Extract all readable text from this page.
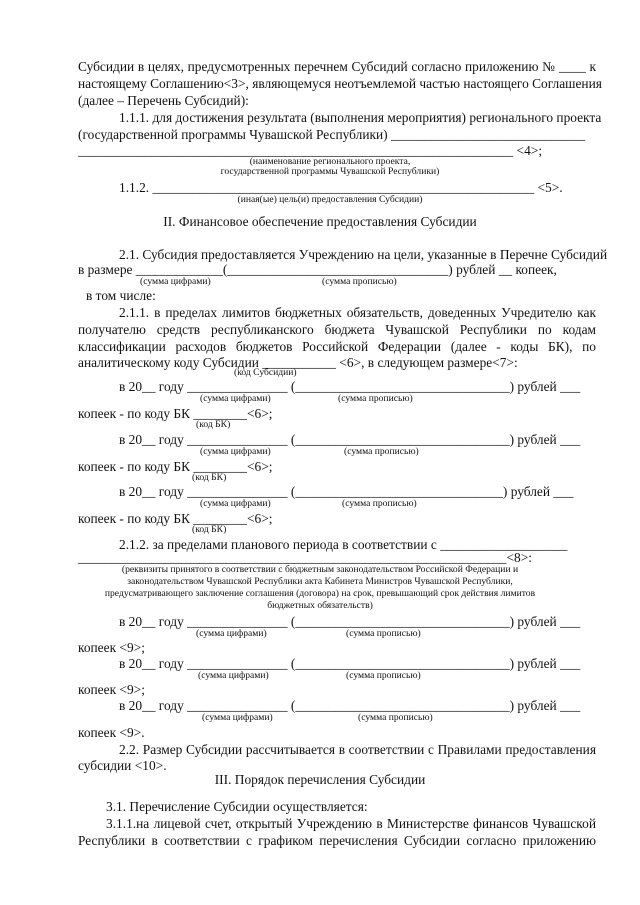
Субсидии в целях, предусмотренных перечнем Субсидий согласно приложению № ____ к
настоящему Соглашению<3>, являющемуся неотъемлемой частью настоящего Соглашения
(далее – Перечень Субсидий):
1.1.1. для достижения результата (выполнения мероприятия) регионального проекта
(государственной программы Чувашской Республики) _____________________________
_________________________________________________________________ <4>;
(наименование регионального проекта,
государственной программы Чувашской Республики)
1.1.2. _________________________________________________________ <5>.
(иная(ые) цель(и) предоставления Субсидии)
II. Финансовое обеспечение предоставления Субсидии
2.1. Субсидия предоставляется Учреждению на цели, указанные в Перечне Субсидий
в размере _____________(_________________________________) рублей __ копеек,
(сумма цифрами)	(сумма прописью)
в том числе:
2.1.1. в пределах лимитов бюджетных обязательств, доведенных Учредителю как
получателю средств республиканского бюджета Чувашской Республики по кодам
классификации расходов бюджетов Российской Федерации (далее - коды БК), по
аналитическому коду Субсидии ___________ <6>, в следующем размере<7>:
(код Субсидии)
в 20__ году _______________ (________________________________) рублей ___
(сумма цифрами)	(сумма прописью)
копеек - по коду БК ________<6>;
(код БК)
в 20__ году _______________ (________________________________) рублей ___
(сумма цифрами)	(сумма прописью)
копеек - по коду БК ________<6>;
(код БК)
в 20__ году _______________ (_______________________________) рублей ___
(сумма цифрами)	(сумма прописью)
копеек - по коду БК ________<6>;
(код БК)
2.1.2. за пределами планового периода в соответствии с ___________________
________________________________________________________________<8>:
(реквизиты принятого в соответствии с бюджетным законодательством Российской Федерации и
законодательством Чувашской Республики акта Кабинета Министров Чувашской Республики,
предусматривающего заключение соглашения (договора) на срок, превышающий срок действия лимитов
бюджетных обязательств)
в 20__ году _______________ (________________________________) рублей ___
(сумма цифрами)	(сумма прописью)
копеек <9>;
в 20__ году _______________ (________________________________) рублей ___
(сумма цифрами)	(сумма прописью)
копеек <9>;
в 20__ году _______________ (________________________________) рублей ___
(сумма цифрами)	(сумма прописью)
копеек <9>.
2.2. Размер Субсидии рассчитывается в соответствии с Правилами предоставления
субсидии <10>.
III. Порядок перечисления Субсидии
3.1. Перечисление Субсидии осуществляется:
3.1.1.на лицевой счет, открытый Учреждению в Министерстве финансов Чувашской
Республики в соответствии с графиком перечисления Субсидии согласно приложению
